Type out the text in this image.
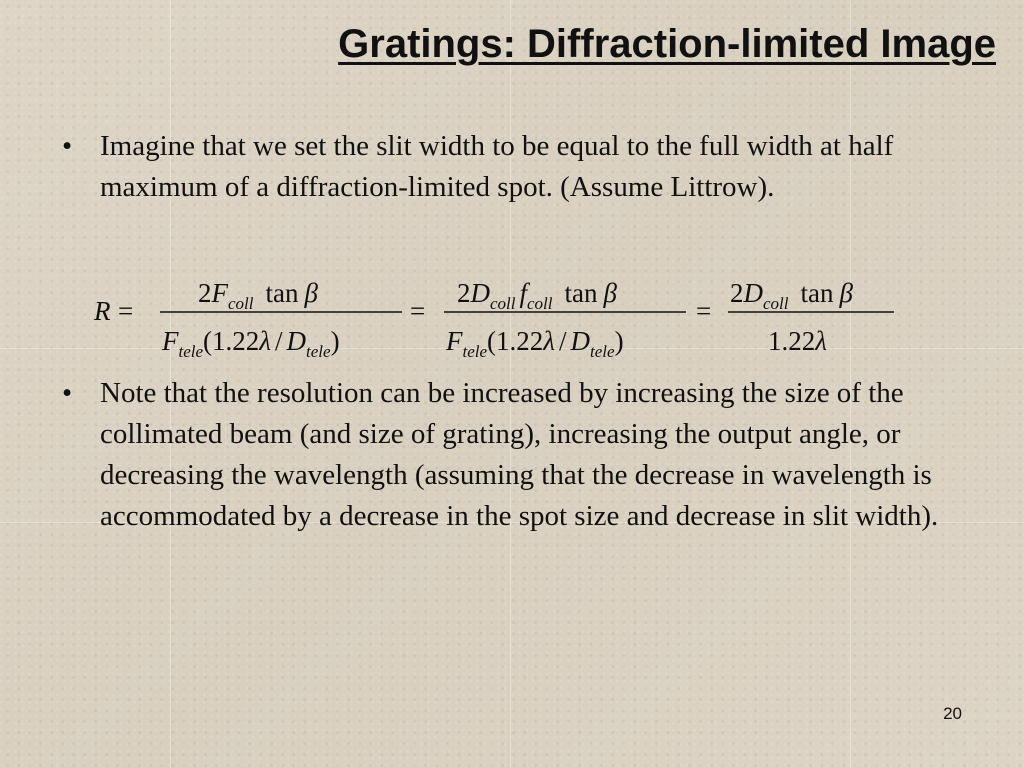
Gratings: Diffraction-limited Image
• Imagine that we set the slit width to be equal to the full width at half maximum of a diffraction-limited spot. (Assume Littrow).
R =
$2F_{coll}$ tan β
$F_{tele}(1.22\lambda / D_{tele})$
=
$2D_{coll}$ $f_{coll}$ tan β
$F_{tele}(1.22\lambda / D_{tele})$
=
$2D_{coll}$ tan β
1.22λ
• Note that the resolution can be increased by increasing the size of the collimated beam (and size of grating), increasing the output angle, or decreasing the wavelength (assuming that the decrease in wavelength is accommodated by a decrease in the spot size and decrease in slit width).
20
